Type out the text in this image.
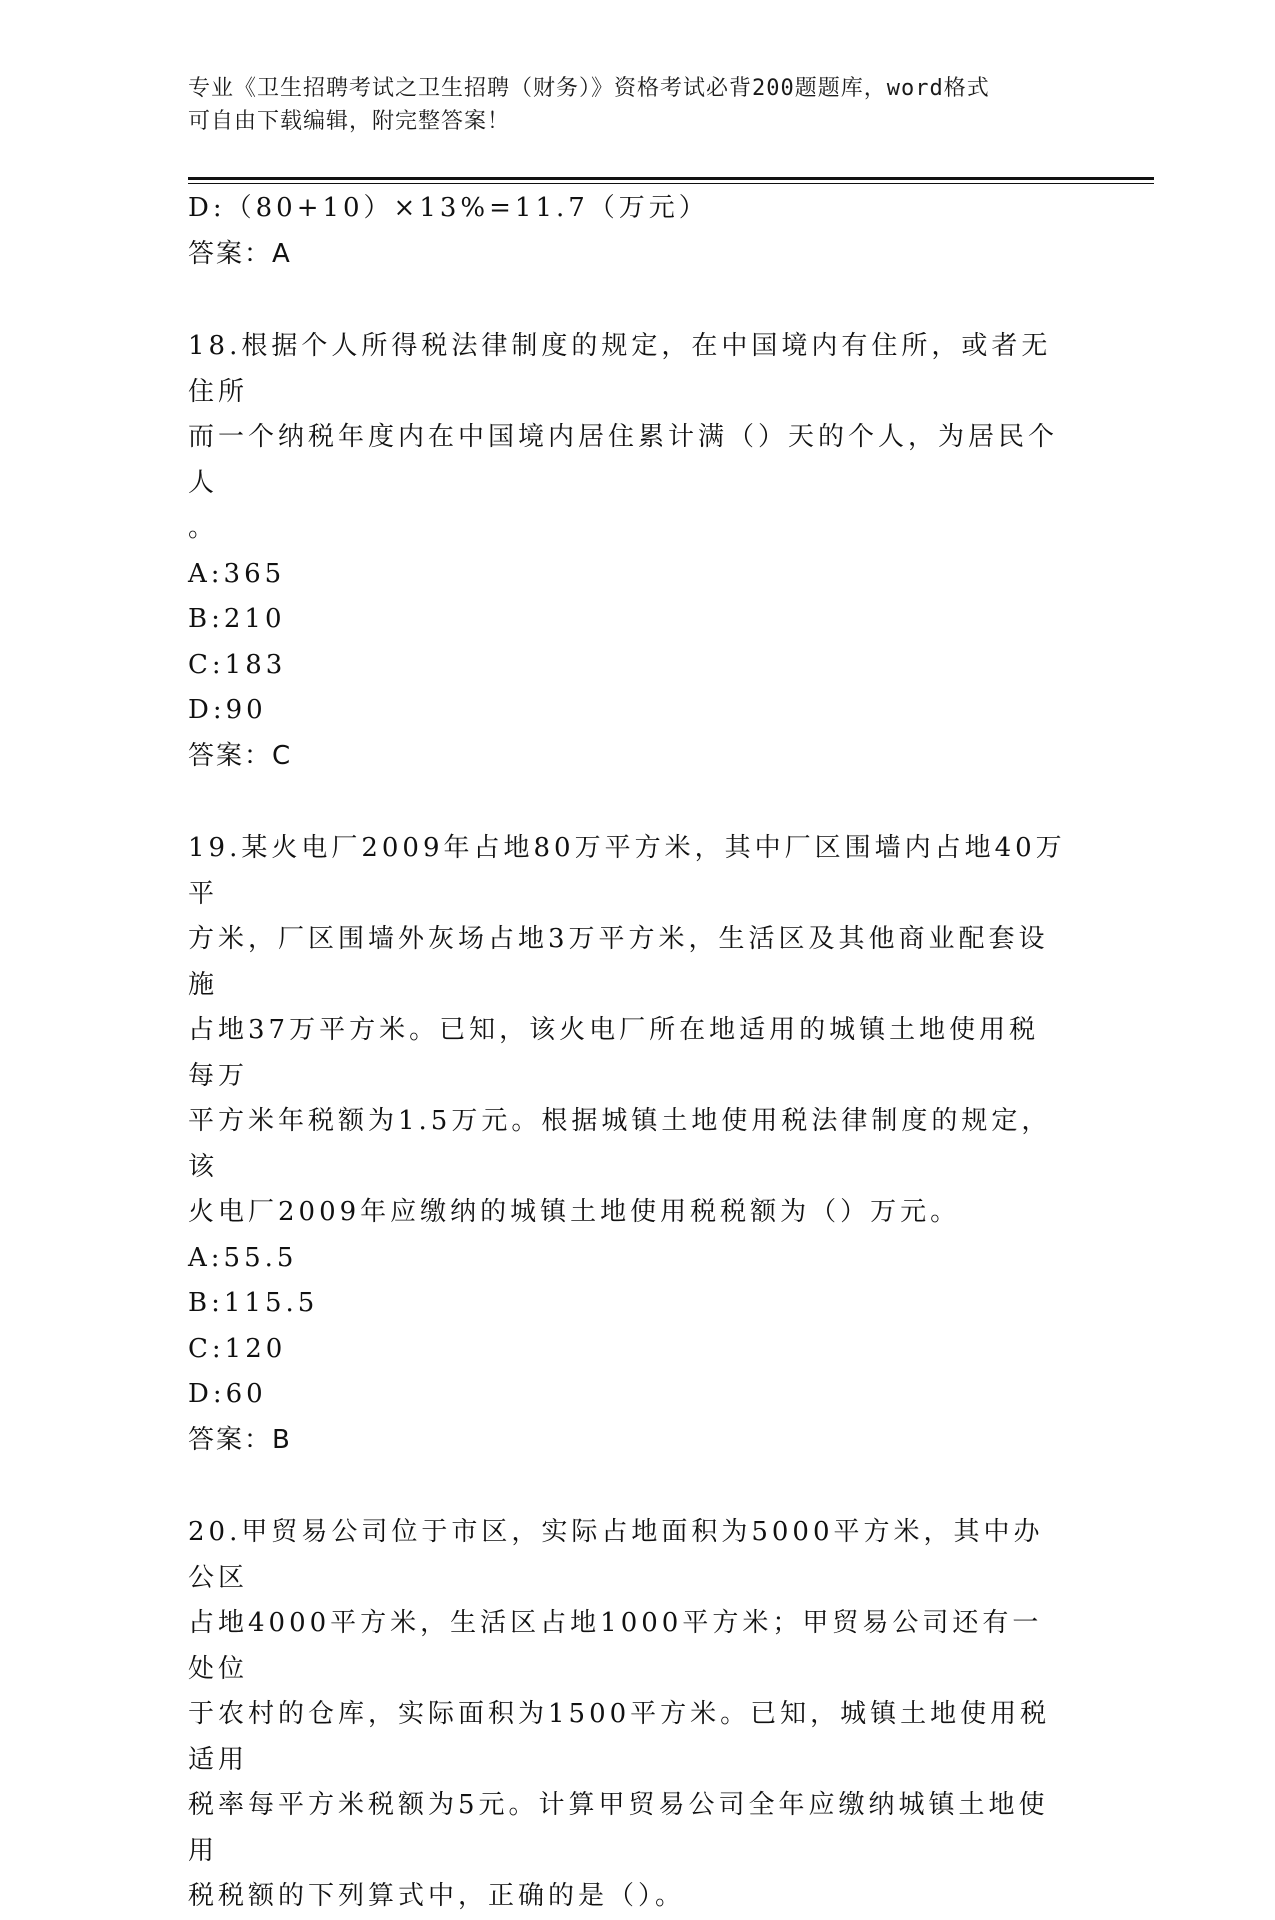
专业《卫生招聘考试之卫生招聘（财务）》资格考试必背200题题库，word格式
可自由下载编辑，附完整答案！
D:（80+10）×13%=11.7（万元）
答案：A
18.根据个人所得税法律制度的规定，在中国境内有住所，或者无住所
而一个纳税年度内在中国境内居住累计满（）天的个人，为居民个人
。
A:365
B:210
C:183
D:90
答案：C
19.某火电厂2009年占地80万平方米，其中厂区围墙内占地40万平
方米，厂区围墙外灰场占地3万平方米，生活区及其他商业配套设施
占地37万平方米。已知，该火电厂所在地适用的城镇土地使用税每万
平方米年税额为1.5万元。根据城镇土地使用税法律制度的规定，该
火电厂2009年应缴纳的城镇土地使用税税额为（）万元。
A:55.5
B:115.5
C:120
D:60
答案：B
20.甲贸易公司位于市区，实际占地面积为5000平方米，其中办公区
占地4000平方米，生活区占地1000平方米；甲贸易公司还有一处位
于农村的仓库，实际面积为1500平方米。已知，城镇土地使用税适用
税率每平方米税额为5元。计算甲贸易公司全年应缴纳城镇土地使用
税税额的下列算式中，正确的是（）。
